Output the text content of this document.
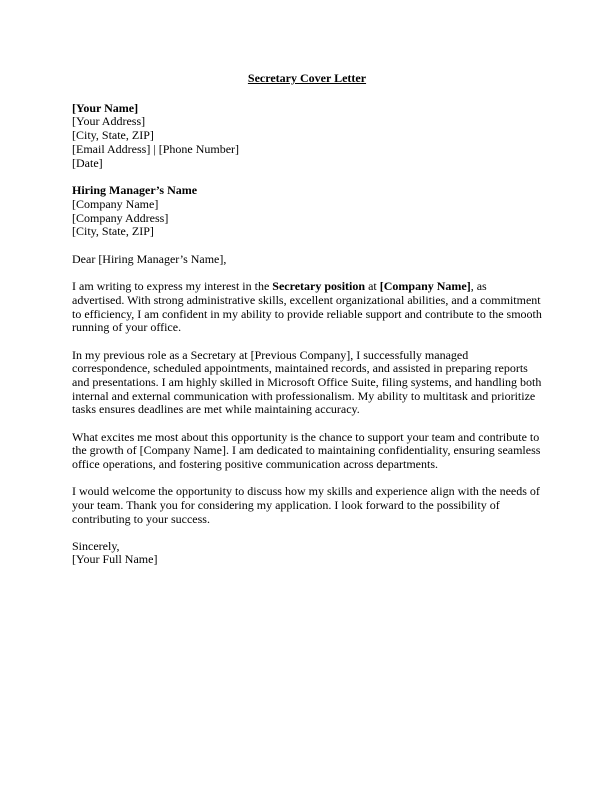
Secretary Cover Letter
[Your Name]
[Your Address]
[City, State, ZIP]
[Email Address] | [Phone Number]
[Date]
Hiring Manager’s Name
[Company Name]
[Company Address]
[City, State, ZIP]

Dear [Hiring Manager’s Name],

I am writing to express my interest in the Secretary position at [Company Name], as advertised. With strong administrative skills, excellent organizational abilities, and a commitment to efficiency, I am confident in my ability to provide reliable support and contribute to the smooth running of your office.

In my previous role as a Secretary at [Previous Company], I successfully managed correspondence, scheduled appointments, maintained records, and assisted in preparing reports and presentations. I am highly skilled in Microsoft Office Suite, filing systems, and handling both internal and external communication with professionalism. My ability to multitask and prioritize tasks ensures deadlines are met while maintaining accuracy.

What excites me most about this opportunity is the chance to support your team and contribute to the growth of [Company Name]. I am dedicated to maintaining confidentiality, ensuring seamless office operations, and fostering positive communication across departments.

I would welcome the opportunity to discuss how my skills and experience align with the needs of your team. Thank you for considering my application. I look forward to the possibility of contributing to your success.

Sincerely,
[Your Full Name]
